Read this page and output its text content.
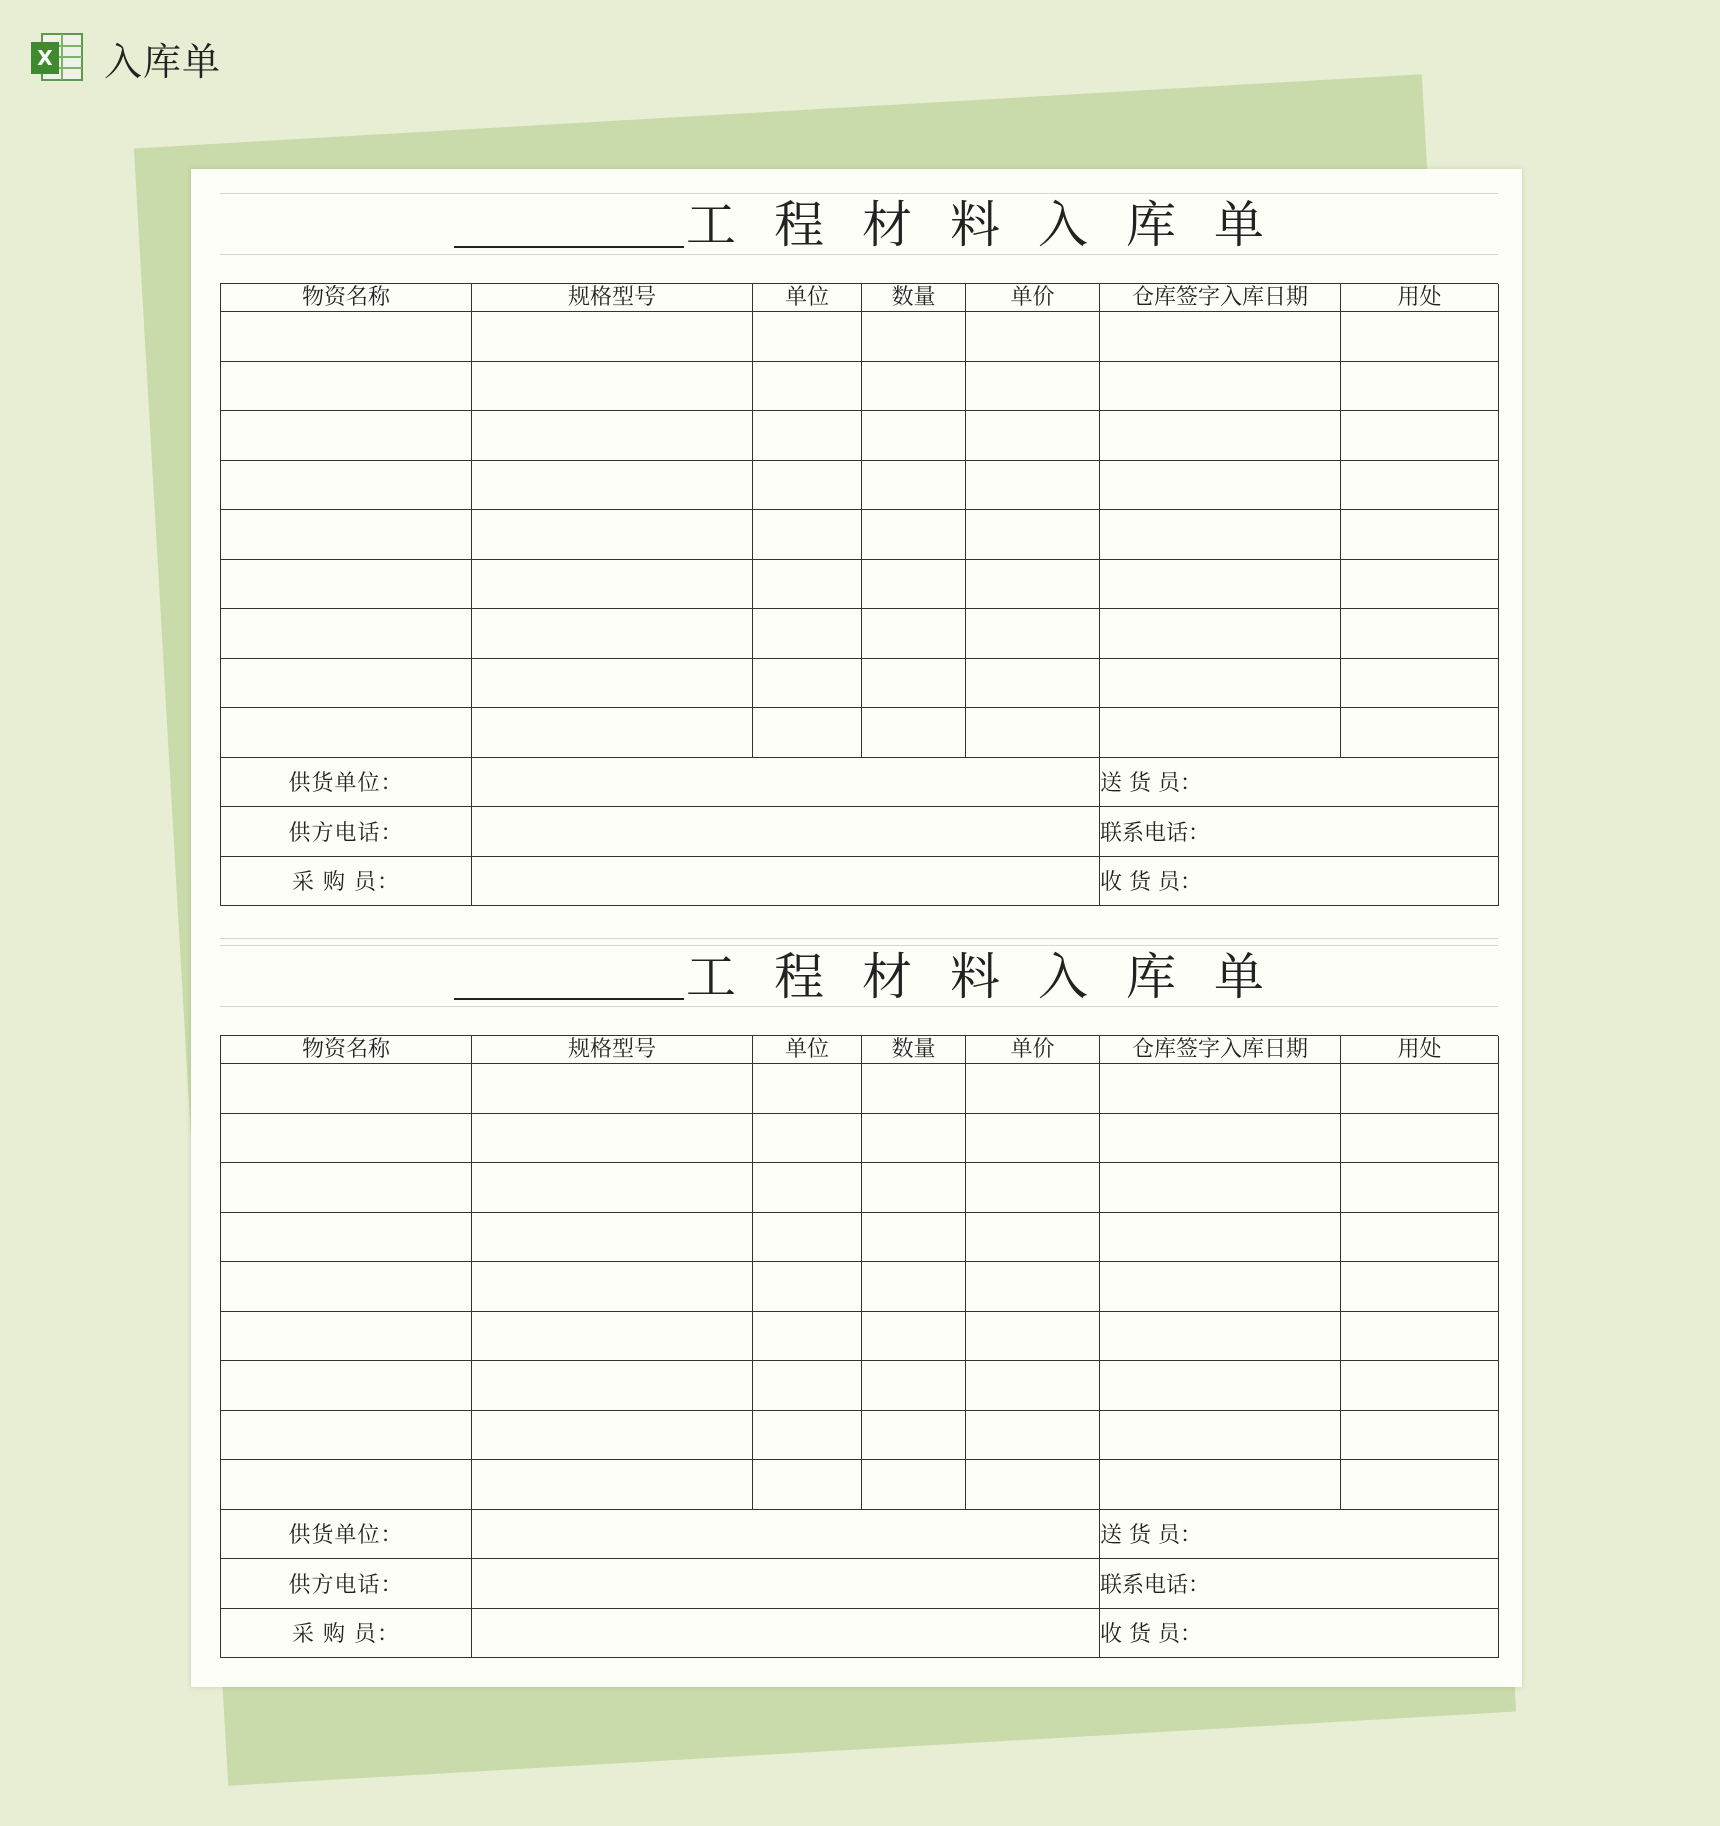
X 入库单
工程材料入库单
物资名称	规格型号	单位	数量	单价	仓库签字入库日期	用处

供货单位：					送 货 员：	
供方电话：					联系电话：	
采 购 员：					收 货 员：	
工程材料入库单
物资名称	规格型号	单位	数量	单价	仓库签字入库日期	用处

供货单位：					送 货 员：	
供方电话：					联系电话：	
采 购 员：					收 货 员：	
